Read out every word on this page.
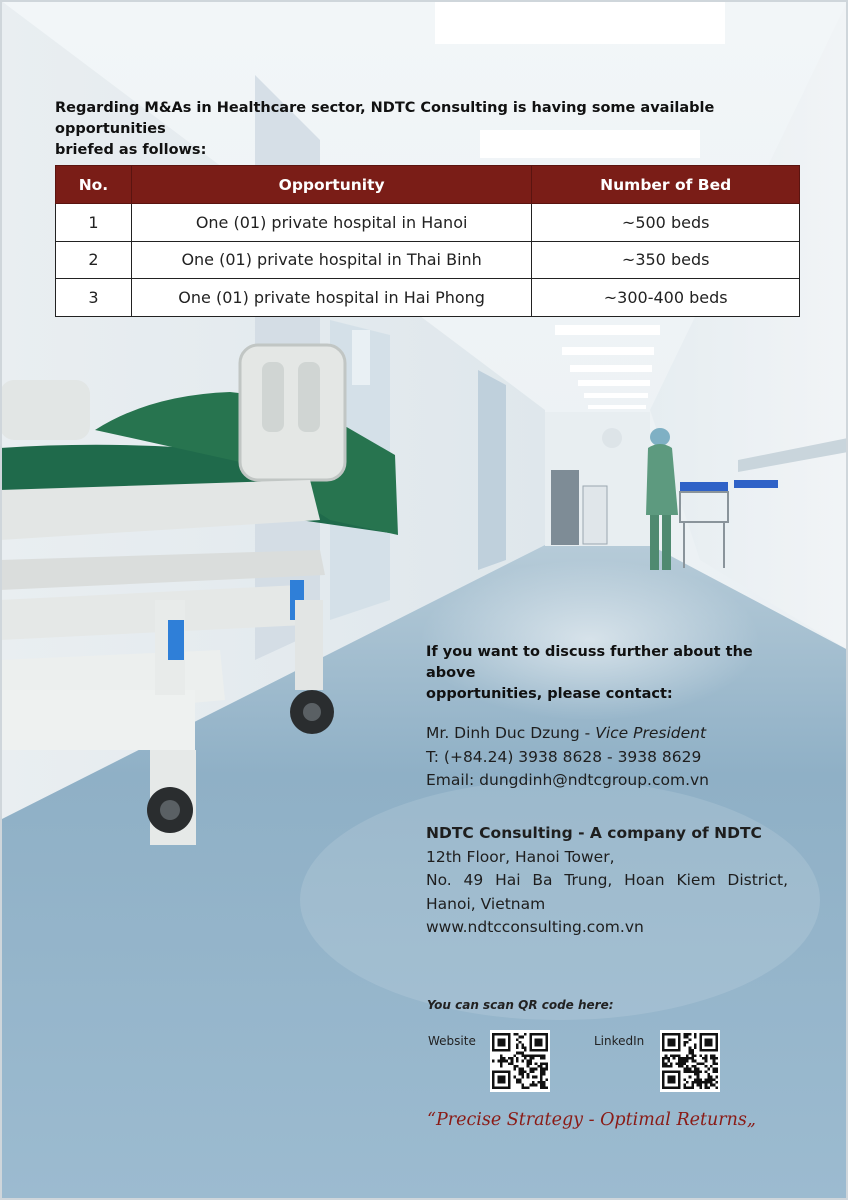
Regarding M&As in Healthcare sector, NDTC Consulting is having some available opportunities
briefed as follows:
No.	Opportunity	Number of Bed
1	One (01) private hospital in Hanoi	~500 beds
2	One (01) private hospital in Thai Binh	~350 beds
3	One (01) private hospital in Hai Phong	~300-400 beds
If you want to discuss further about the above
opportunities, please contact:
Mr. Dinh Duc Dzung - Vice President
T: (+84.24) 3938 8628 - 3938 8629
Email: dungdinh@ndtcgroup.com.vn
NDTC Consulting - A company of NDTC
12th Floor, Hanoi Tower,
No. 49 Hai Ba Trung, Hoan Kiem District,
Hanoi, Vietnam
www.ndtcconsulting.com.vn
You can scan QR code here:
Website	LinkedIn
“Precise Strategy - Optimal Returns„
